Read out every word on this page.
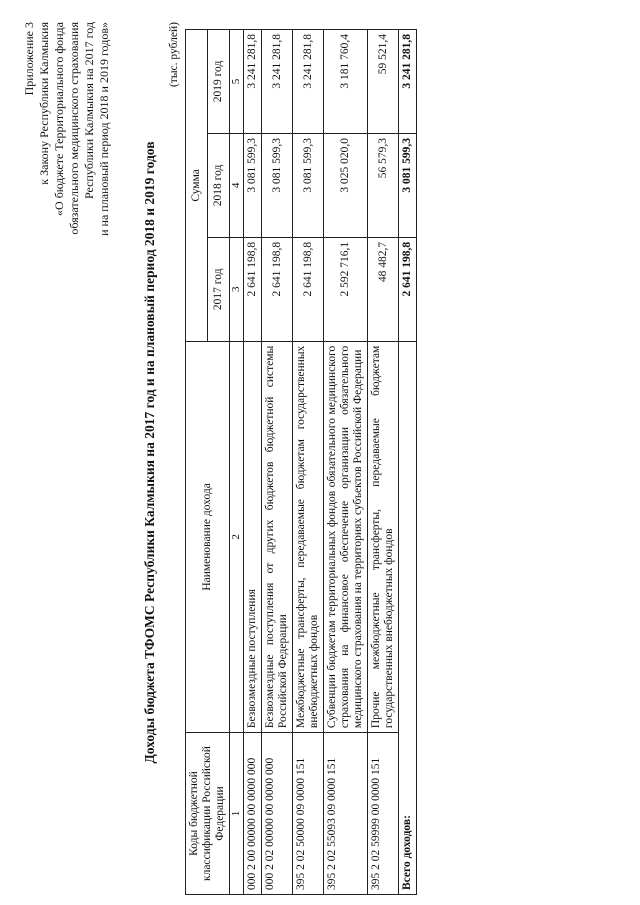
Приложение 3 к Закону Республики Калмыкия «О бюджете Территориального фонда обязательного медицинского страхования Республики Калмыкия на 2017 год и на плановый период 2018 и 2019 годов»
Доходы бюджета ТФОМС Республики Калмыкия на 2017 год и на плановый период 2018 и 2019 годов
(тыс. рублей)
Коды бюджетной классификации Российской Федерации	Наименование дохода	Сумма		
		2017 год	2018 год	2019 год
1	2	3	4	5
000 2 00 00000 00 0000 000	Безвозмездные поступления	2 641 198,8	3 081 599,3	3 241 281,8
000 2 02 00000 00 0000 000	Безвозмездные поступления от других бюджетов бюджетной системы Российской Федерации	2 641 198,8	3 081 599,3	3 241 281,8
395 2 02 50000 09 0000 151	Межбюджетные трансферты, передаваемые бюджетам государственных внебюджетных фондов	2 641 198,8	3 081 599,3	3 241 281,8
395 2 02 55093 09 0000 151	Субвенции бюджетам территориальных фондов обязательного медицинского страхования на финансовое обеспечение организации обязательного медицинского страхования на территориях субъектов Российской Федерации	2 592 716,1	3 025 020,0	3 181 760,4
395 2 02 59999 00 0000 151	Прочие межбюджетные трансферты, передаваемые бюджетам государственных внебюджетных фондов	48 482,7	56 579,3	59 521,4
Всего доходов:		2 641 198,8	3 081 599,3	3 241 281,8
